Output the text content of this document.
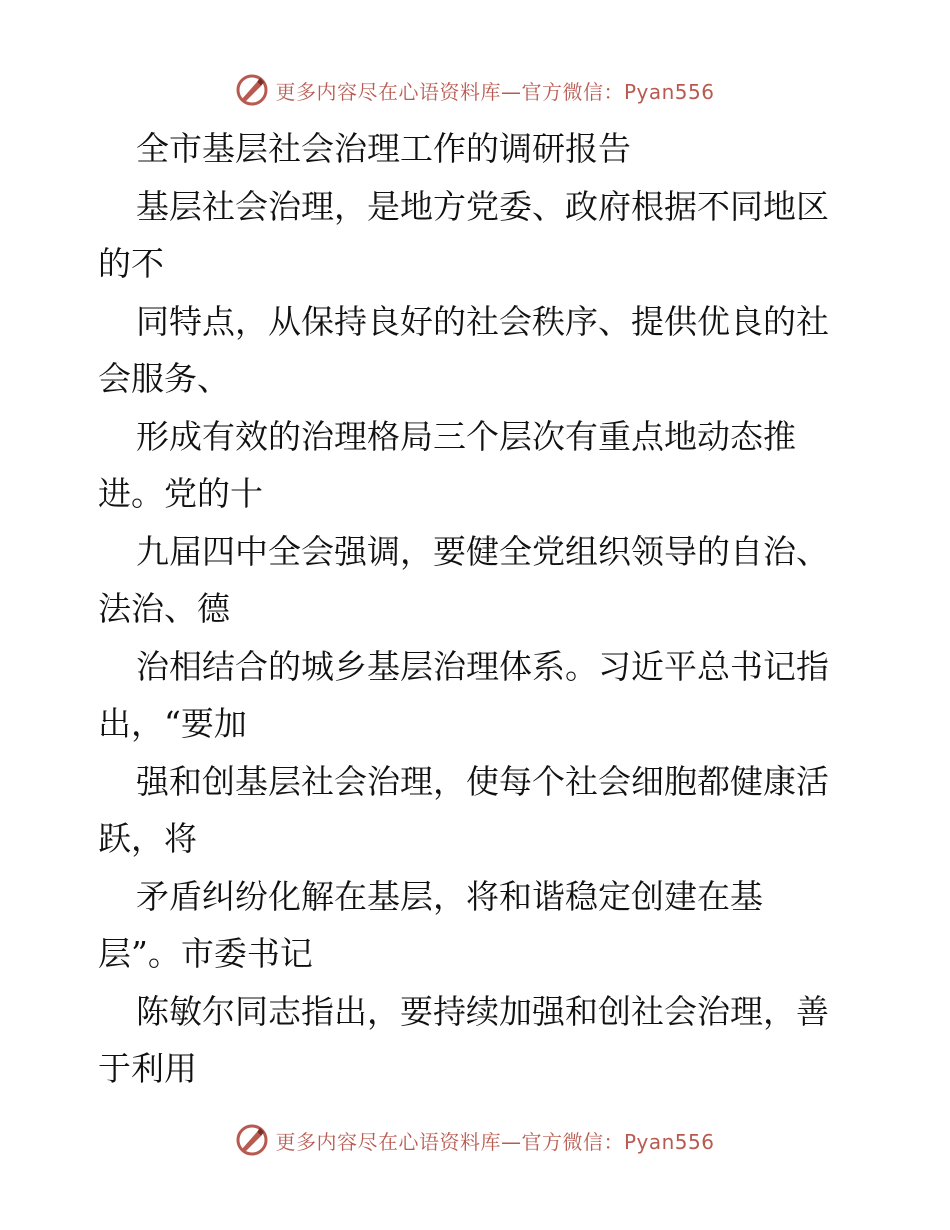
更多内容尽在心语资料库—官方微信：Pyan556
全市基层社会治理工作的调研报告
基层社会治理，是地方党委、政府根据不同地区
的不
同特点，从保持良好的社会秩序、提供优良的社
会服务、
形成有效的治理格局三个层次有重点地动态推
进。党的十
九届四中全会强调，要健全党组织领导的自治、
法治、德
治相结合的城乡基层治理体系。习近平总书记指
出，“要加
强和创基层社会治理，使每个社会细胞都健康活
跃，将
矛盾纠纷化解在基层，将和谐稳定创建在基
层”。市委书记
陈敏尔同志指出，要持续加强和创社会治理，善
于利用
更多内容尽在心语资料库—官方微信：Pyan556
